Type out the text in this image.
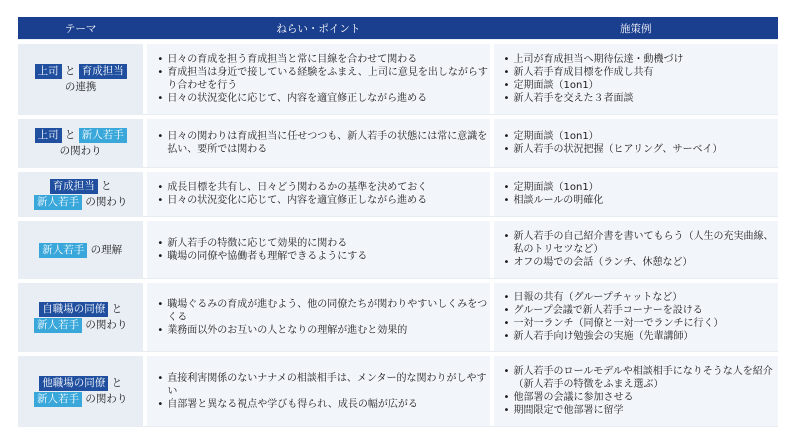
テーマ	ねらい・ポイント	施策例
上司 と 育成担当
の連携
• 日々の育成を担う育成担当と常に目線を合わせて関わる
• 育成担当は身近で接している経験をふまえ、上司に意見を出しながらすり合わせを行う
• 日々の状況変化に応じて、内容を適宜修正しながら進める
• 上司が育成担当へ期待伝達・動機づけ
• 新人若手育成目標を作成し共有
• 定期面談（1on1）
• 新人若手を交えた３者面談
上司 と 新人若手
の関わり
• 日々の関わりは育成担当に任せつつも、新人若手の状態には常に意識を払い、要所では関わる
• 定期面談（1on1）
• 新人若手の状況把握（ヒアリング、サーベイ）
育成担当 と
新人若手 の関わり
• 成長目標を共有し、日々どう関わるかの基準を決めておく
• 日々の状況変化に応じて、内容を適宜修正しながら進める
• 定期面談（1on1）
• 相談ルールの明確化
新人若手 の理解
• 新人若手の特徴に応じて効果的に関わる
• 職場の同僚や協働者も理解できるようにする
• 新人若手の自己紹介書を書いてもらう（人生の充実曲線、私のトリセツなど）
• オフの場での会話（ランチ、休憩など）
自職場の同僚 と
新人若手 の関わり
• 職場ぐるみの育成が進むよう、他の同僚たちが関わりやすいしくみをつくる
• 業務面以外のお互いの人となりの理解が進むと効果的
• 日報の共有（グループチャットなど）
• グループ会議で新人若手コーナーを設ける
• 一対一ランチ（同僚と一対一でランチに行く）
• 新人若手向け勉強会の実施（先輩講師）
他職場の同僚 と
新人若手 の関わり
• 直接利害関係のないナナメの相談相手は、メンター的な関わりがしやすい
• 自部署と異なる視点や学びも得られ、成長の幅が広がる
• 新人若手のロールモデルや相談相手になりそうな人を紹介（新人若手の特徴をふまえ選ぶ）
• 他部署の会議に参加させる
• 期間限定で他部署に留学
